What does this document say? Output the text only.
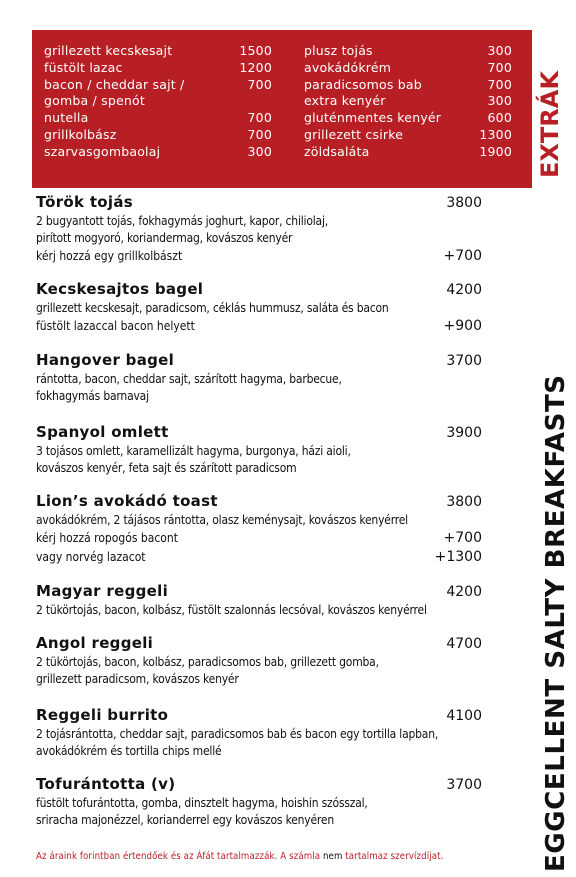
grillezett kecskesajt	1500
füstölt lazac	1200
bacon / cheddar sajt /	700
gomba / spenót
nutella	700
grillkolbász	700
szarvasgombaolaj	300
plusz tojás	300
avokádókrém	700
paradicsomos bab	700
extra kenyér	300
gluténmentes kenyér	600
grillezett csirke	1300
zöldsaláta	1900 EXTRÁK
EGGCELLENT SALTY BREAKFASTS
Török tojás	3800
2 bugyantott tojás, fokhagymás joghurt, kapor, chiliolaj,
pirított mogyoró, koriandermag, kovászos kenyér
kérj hozzá egy grillkolbászt	+700
Kecskesajtos bagel	4200
grillezett kecskesajt, paradicsom, céklás hummusz, saláta és bacon
füstölt lazaccal bacon helyett	+900
Hangover bagel	3700
rántotta, bacon, cheddar sajt, szárított hagyma, barbecue,
fokhagymás barnavaj
Spanyol omlett	3900
3 tojásos omlett, karamellizált hagyma, burgonya, házi aioli,
kovászos kenyér, feta sajt és szárított paradicsom
Lion’s avokádó toast	3800
avokádókrém, 2 tájásos rántotta, olasz keménysajt, kovászos kenyérrel
kérj hozzá ropogós bacont	+700
vagy norvég lazacot	+1300
Magyar reggeli	4200
2 tükörtojás, bacon, kolbász, füstölt szalonnás lecsóval, kovászos kenyérrel
Angol reggeli	4700
2 tükörtojás, bacon, kolbász, paradicsomos bab, grillezett gomba,
grillezett paradicsom, kovászos kenyér
Reggeli burrito	4100
2 tojásrántotta, cheddar sajt, paradicsomos bab és bacon egy tortilla lapban,
avokádókrém és tortilla chips mellé
Tofurántotta (v)	3700
füstölt tofurántotta, gomba, dinsztelt hagyma, hoishin szósszal,
sriracha majonézzel, korianderrel egy kovászos kenyéren
Az áraink forintban értendőek és az Áfát tartalmazzák. A számla nem tartalmaz szervízdíjat.
